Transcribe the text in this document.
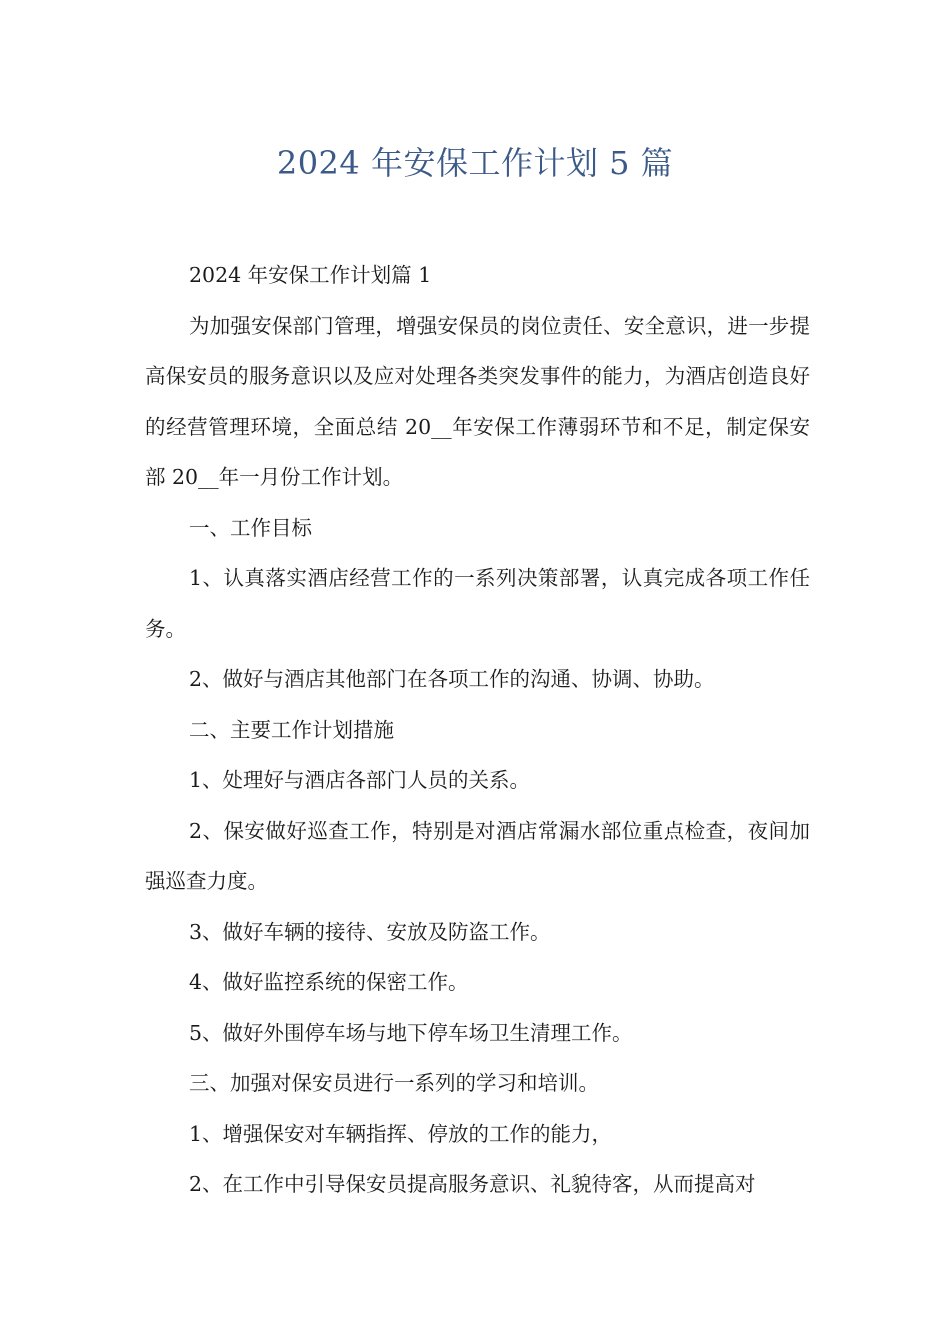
2024 年安保工作计划 5 篇

2024 年安保工作计划篇 1

为加强安保部门管理，增强安保员的岗位责任、安全意识，进一步提高保安员的服务意识以及应对处理各类突发事件的能力，为酒店创造良好的经营管理环境，全面总结 20__年安保工作薄弱环节和不足，制定保安部 20__年一月份工作计划。

一、工作目标

1、认真落实酒店经营工作的一系列决策部署，认真完成各项工作任务。

2、做好与酒店其他部门在各项工作的沟通、协调、协助。

二、主要工作计划措施

1、处理好与酒店各部门人员的关系。

2、保安做好巡查工作，特别是对酒店常漏水部位重点检查，夜间加强巡查力度。

3、做好车辆的接待、安放及防盗工作。

4、做好监控系统的保密工作。

5、做好外围停车场与地下停车场卫生清理工作。

三、加强对保安员进行一系列的学习和培训。

1、增强保安对车辆指挥、停放的工作的能力，

2、在工作中引导保安员提高服务意识、礼貌待客，从而提高对
